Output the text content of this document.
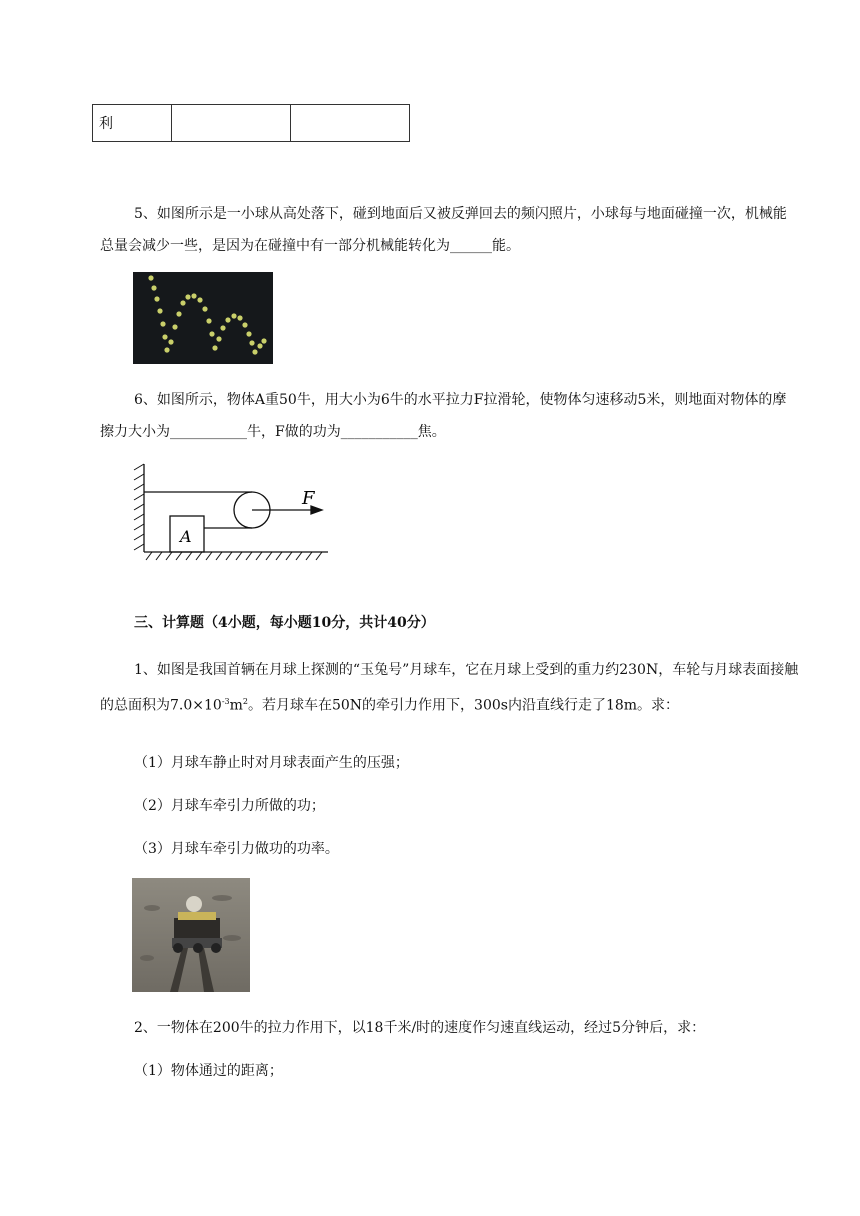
利		
5、如图所示是一小球从高处落下，碰到地面后又被反弹回去的频闪照片，小球每与地面碰撞一次，机械能总量会减少一些，是因为在碰撞中有一部分机械能转化为______能。
6、如图所示，物体A重50牛，用大小为6牛的水平拉力F拉滑轮，使物体匀速移动5米，则地面对物体的摩擦力大小为___________牛，F做的功为___________焦。
F
A
三、计算题（4小题，每小题10分，共计40分）
1、如图是我国首辆在月球上探测的“玉兔号”月球车，它在月球上受到的重力约230N，车轮与月球表面接触的总面积为$7.0\times 10^{-3}m^2$。若月球车在50N的牵引力作用下，300s内沿直线行走了18m。求：
（1）月球车静止时对月球表面产生的压强；
（2）月球车牵引力所做的功；
（3）月球车牵引力做功的功率。
2、一物体在200牛的拉力作用下，以18千米/时的速度作匀速直线运动，经过5分钟后，求：
（1）物体通过的距离；
